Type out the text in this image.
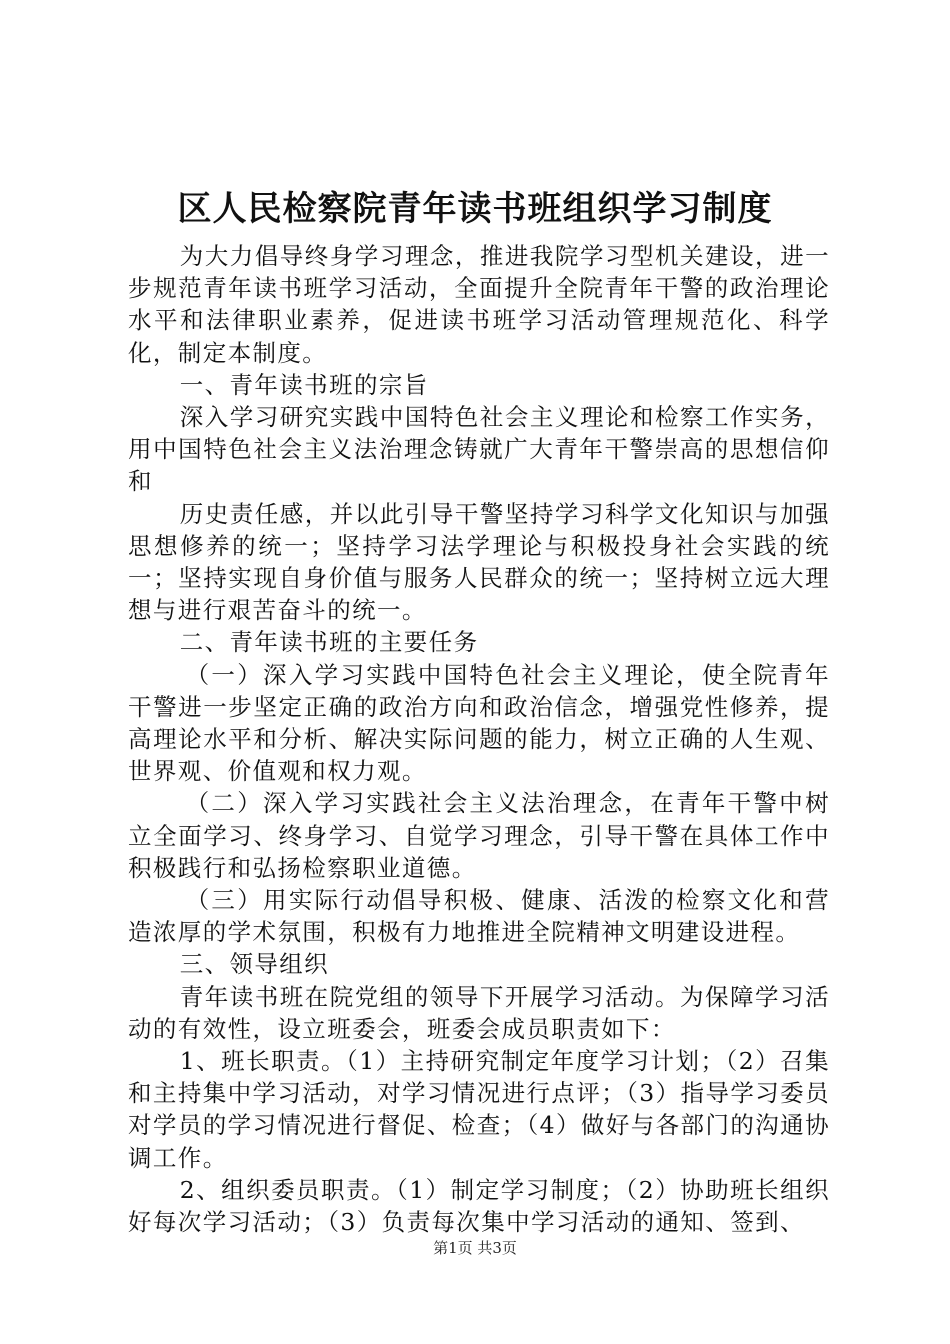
区人民检察院青年读书班组织学习制度

为大力倡导终身学习理念，推进我院学习型机关建设，进一步规范青年读书班学习活动，全面提升全院青年干警的政治理论水平和法律职业素养，促进读书班学习活动管理规范化、科学化，制定本制度。

一、青年读书班的宗旨

深入学习研究实践中国特色社会主义理论和检察工作实务，用中国特色社会主义法治理念铸就广大青年干警崇高的思想信仰和

历史责任感，并以此引导干警坚持学习科学文化知识与加强思想修养的统一；坚持学习法学理论与积极投身社会实践的统一；坚持实现自身价值与服务人民群众的统一；坚持树立远大理想与进行艰苦奋斗的统一。

二、青年读书班的主要任务

（一）深入学习实践中国特色社会主义理论，使全院青年干警进一步坚定正确的政治方向和政治信念，增强党性修养，提高理论水平和分析、解决实际问题的能力，树立正确的人生观、世界观、价值观和权力观。

（二）深入学习实践社会主义法治理念，在青年干警中树立全面学习、终身学习、自觉学习理念，引导干警在具体工作中积极践行和弘扬检察职业道德。

（三）用实际行动倡导积极、健康、活泼的检察文化和营造浓厚的学术氛围，积极有力地推进全院精神文明建设进程。

三、领导组织

青年读书班在院党组的领导下开展学习活动。为保障学习活动的有效性，设立班委会，班委会成员职责如下：

1、班长职责。（1）主持研究制定年度学习计划；（2）召集和主持集中学习活动，对学习情况进行点评；（3）指导学习委员对学员的学习情况进行督促、检查；（4）做好与各部门的沟通协调工作。

2、组织委员职责。（1）制定学习制度；（2）协助班长组织好每次学习活动；（3）负责每次集中学习活动的通知、签到、

第1页 共3页
